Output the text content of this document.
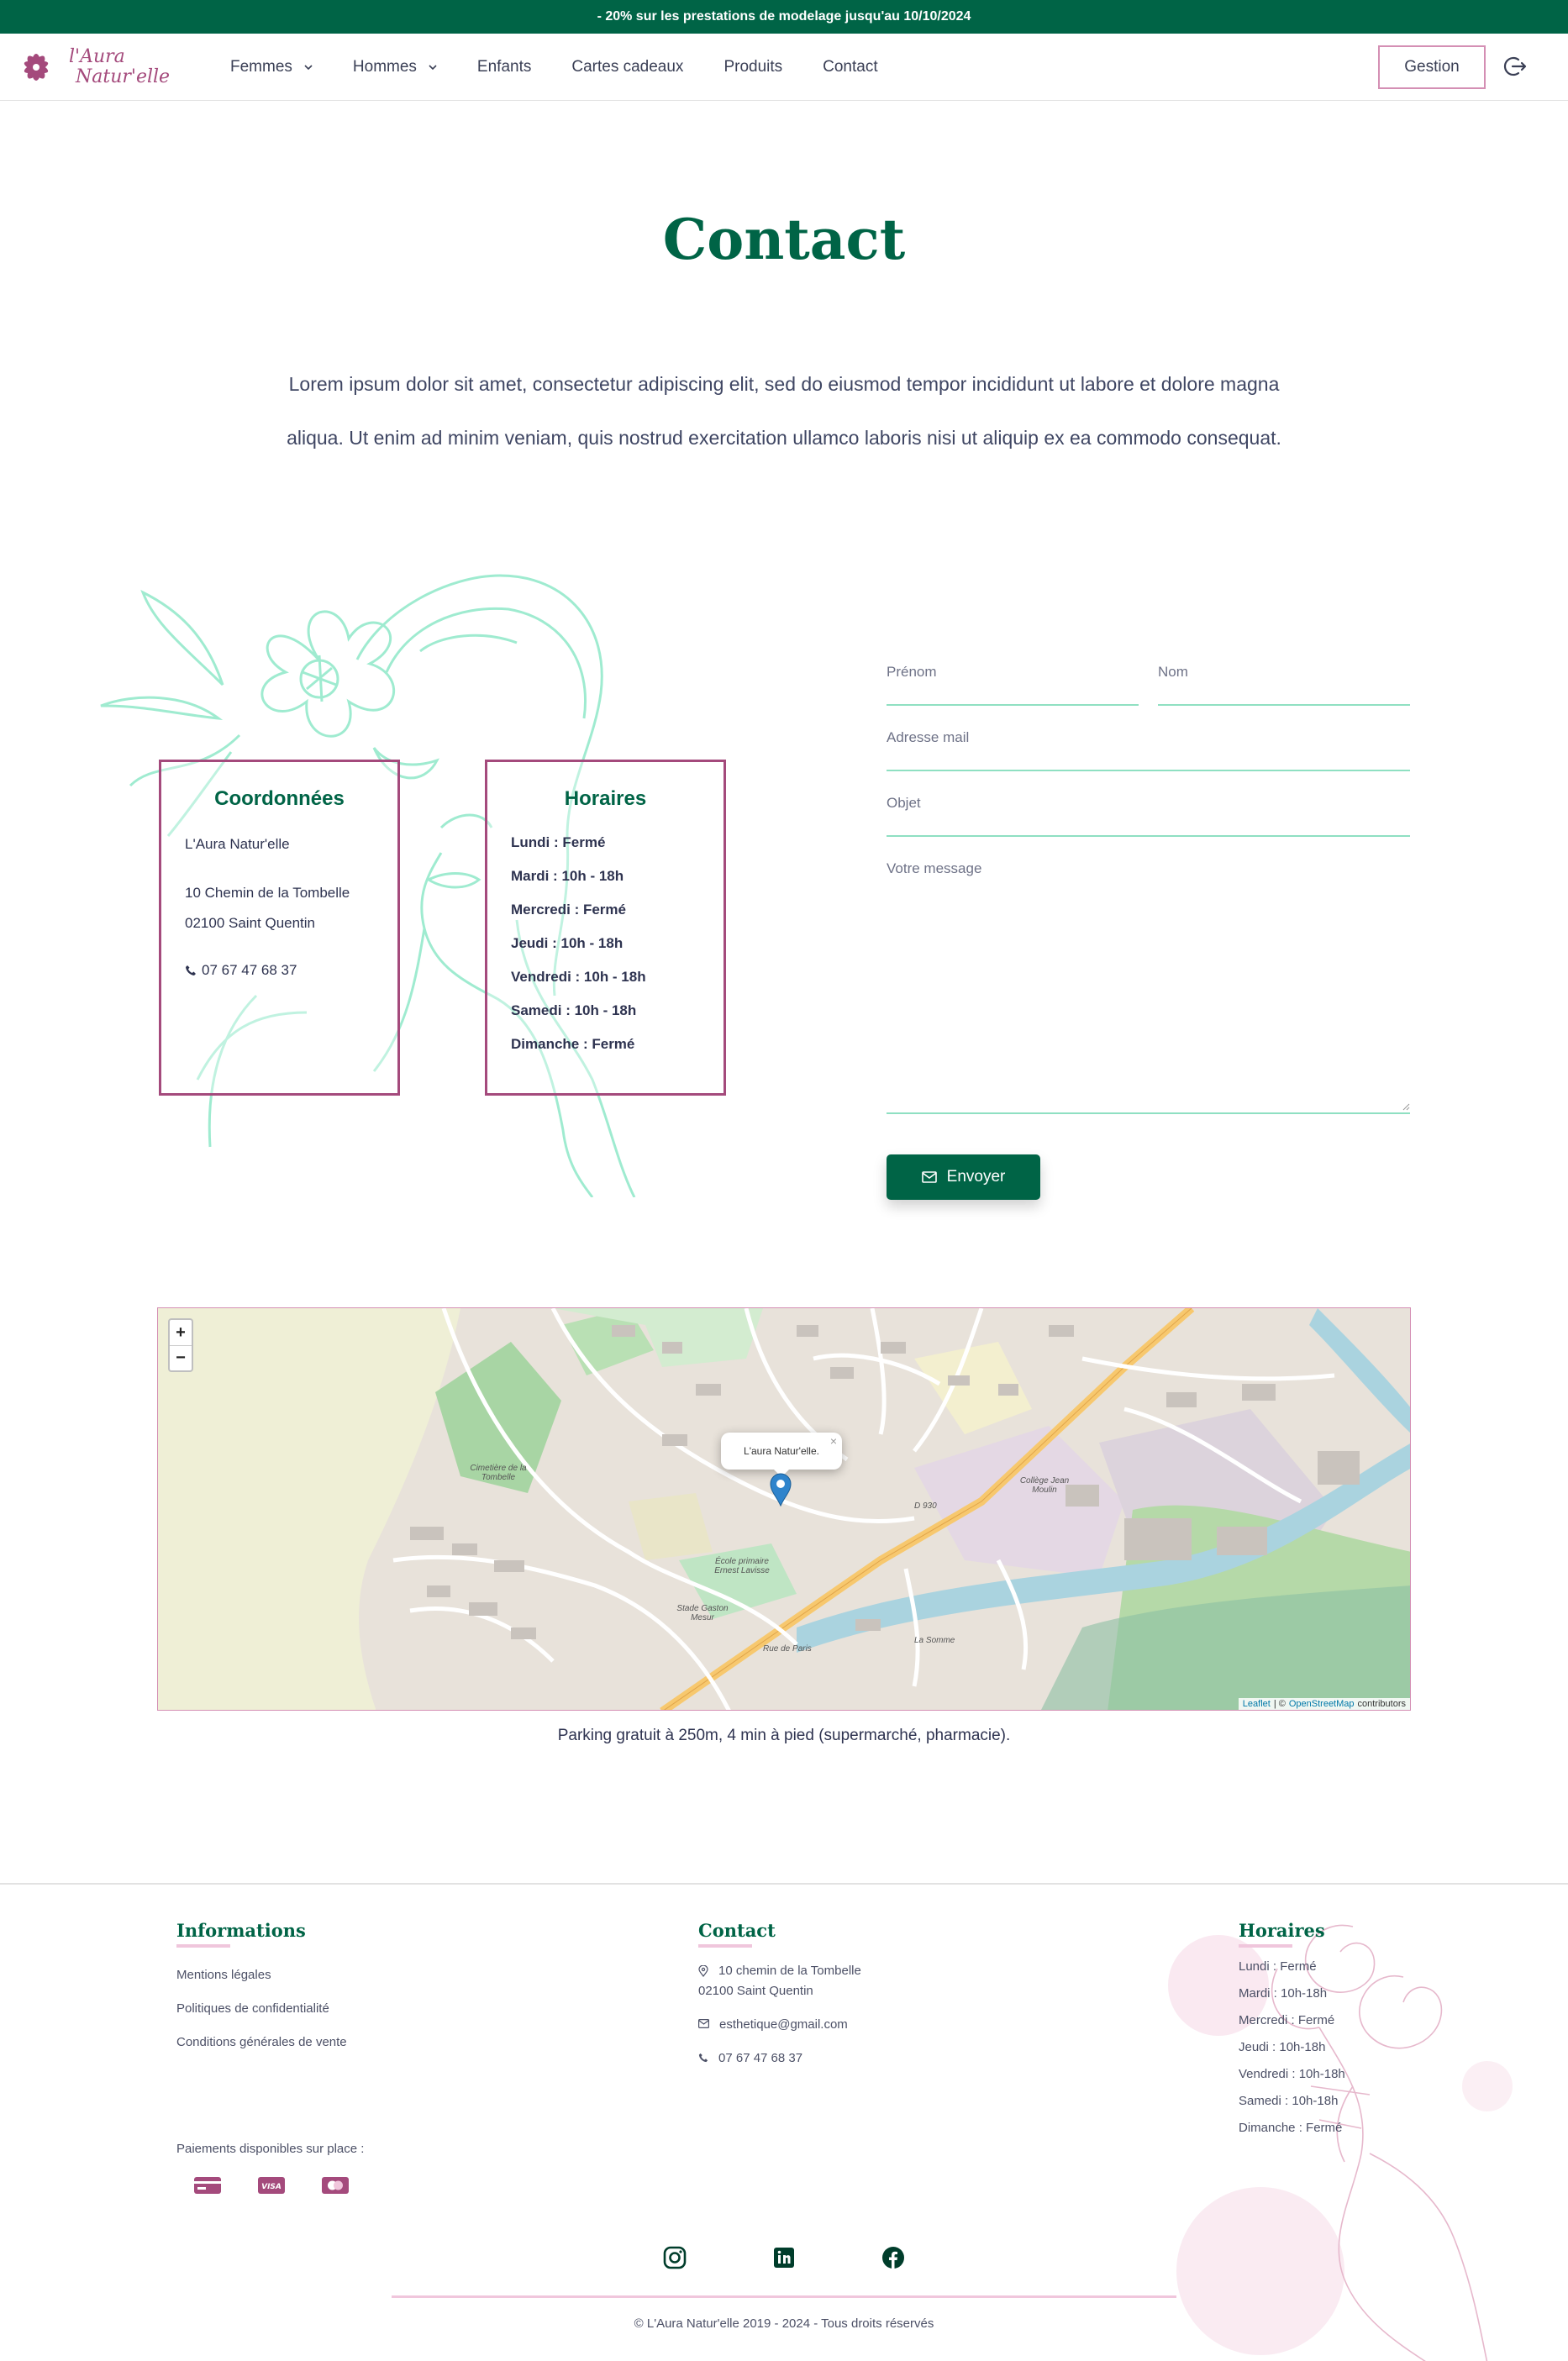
- 20% sur les prestations de modelage jusqu'au 10/10/2024
l'Aura
Natur'elle	Femmes	Hommes	Enfants	Cartes cadeaux	Produits	Contact	Gestion
Contact

Lorem ipsum dolor sit amet, consectetur adipiscing elit, sed do eiusmod tempor incididunt ut labore et dolore magna aliqua. Ut enim ad minim veniam, quis nostrud exercitation ullamco laboris nisi ut aliquip ex ea commodo consequat.

Coordonnées
L'Aura Natur'elle
10 Chemin de la Tombelle
02100 Saint Quentin
07 67 47 68 37
Horaires
Lundi : Fermé
Mardi : 10h - 18h
Mercredi : Fermé
Jeudi : 10h - 18h
Vendredi : 10h - 18h
Samedi : 10h - 18h
Dimanche : Fermé
Prénom	Nom
Adresse mail
Objet
Votre message
Envoyer
Cimetière de la Tombelle	Collège Jean Moulin
École primaire Ernest Lavisse
Stade Gaston Mesur
D 930
Rue de Paris
La Somme
+
−
L'aura Natur'elle.
×
Leaflet | © OpenStreetMap contributors
Parking gratuit à 250m, 4 min à pied (supermarché, pharmacie).
Informations
Mentions légales
Politiques de confidentialité
Conditions générales de vente
Contact
10 chemin de la Tombelle
02100 Saint Quentin
esthetique@gmail.com
07 67 47 68 37
Horaires
Lundi : Fermé
Mardi : 10h-18h
Mercredi : Fermé
Jeudi : 10h-18h
Vendredi : 10h-18h
Samedi : 10h-18h
Dimanche : Fermé
Paiements disponibles sur place :
VISA
© L'Aura Natur'elle 2019 - 2024 - Tous droits réservés
